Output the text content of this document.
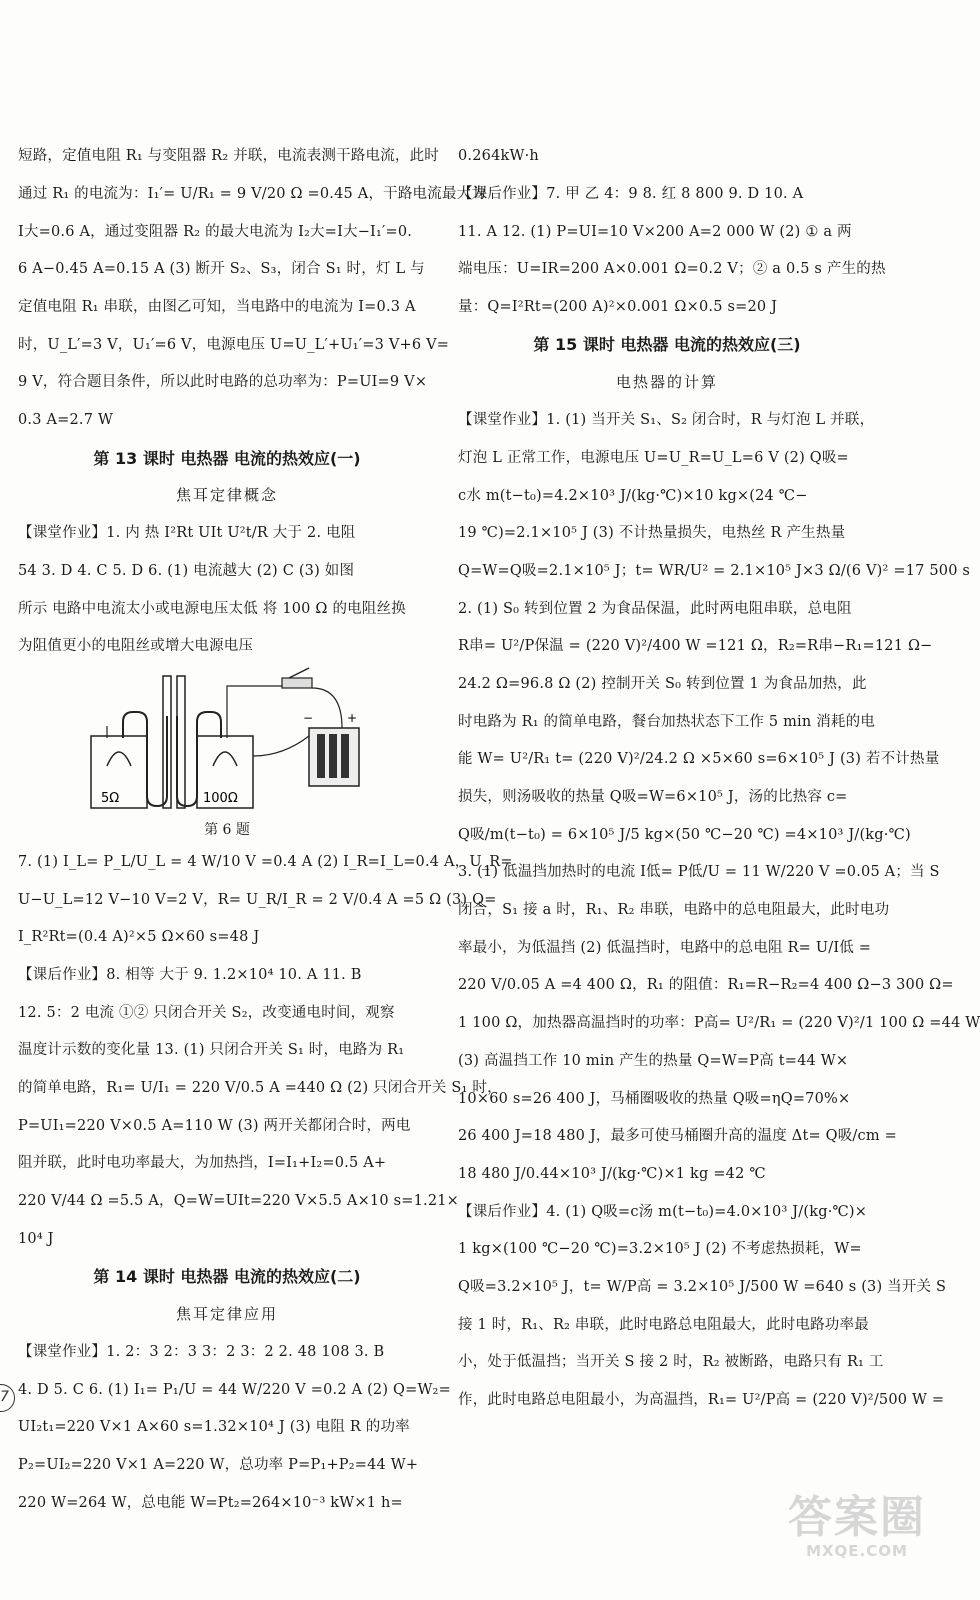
短路，定值电阻 R₁ 与变阻器 R₂ 并联，电流表测干路电流，此时
通过 R₁ 的电流为：I₁′= U/R₁ = 9 V/20 Ω =0.45 A，干路电流最大为
I大=0.6 A，通过变阻器 R₂ 的最大电流为 I₂大=I大−I₁′=0.
6 A−0.45 A=0.15 A (3) 断开 S₂、S₃，闭合 S₁ 时，灯 L 与
定值电阻 R₁ 串联，由图乙可知，当电路中的电流为 I=0.3 A
时，U_L′=3 V，U₁′=6 V，电源电压 U=U_L′+U₁′=3 V+6 V=
9 V，符合题目条件，所以此时电路的总功率为：P=UI=9 V×
0.3 A=2.7 W
第 13 课时 电热器 电流的热效应(一)
焦耳定律概念
【课堂作业】1. 内 热 I²Rt UIt U²t/R 大于 2. 电阻
54 3. D 4. C 5. D 6. (1) 电流越大 (2) C (3) 如图
所示 电路中电流太小或电源电压太低 将 100 Ω 的电阻丝换
为阻值更小的电阻丝或增大电源电压
+
−
5Ω	100Ω
第 6 题
7. (1) I_L= P_L/U_L = 4 W/10 V =0.4 A (2) I_R=I_L=0.4 A，U_R=
U−U_L=12 V−10 V=2 V，R= U_R/I_R = 2 V/0.4 A =5 Ω (3) Q=
I_R²Rt=(0.4 A)²×5 Ω×60 s=48 J
【课后作业】8. 相等 大于 9. 1.2×10⁴ 10. A 11. B
12. 5：2 电流 ①② 只闭合开关 S₂，改变通电时间，观察
温度计示数的变化量 13. (1) 只闭合开关 S₁ 时，电路为 R₁
的简单电路，R₁= U/I₁ = 220 V/0.5 A =440 Ω (2) 只闭合开关 S₁ 时，
P=UI₁=220 V×0.5 A=110 W (3) 两开关都闭合时，两电
阻并联，此时电功率最大，为加热挡，I=I₁+I₂=0.5 A+
220 V/44 Ω =5.5 A，Q=W=UIt=220 V×5.5 A×10 s=1.21×
10⁴ J
第 14 课时 电热器 电流的热效应(二)
焦耳定律应用
【课堂作业】1. 2：3 2：3 3：2 3：2 2. 48 108 3. B
4. D 5. C 6. (1) I₁= P₁/U = 44 W/220 V =0.2 A (2) Q=W₂=
UI₂t₁=220 V×1 A×60 s=1.32×10⁴ J (3) 电阻 R 的功率
P₂=UI₂=220 V×1 A=220 W，总功率 P=P₁+P₂=44 W+
220 W=264 W，总电能 W=Pt₂=264×10⁻³ kW×1 h=
0.264kW·h
【课后作业】7. 甲 乙 4：9 8. 红 8 800 9. D 10. A
11. A 12. (1) P=UI=10 V×200 A=2 000 W (2) ① a 两
端电压：U=IR=200 A×0.001 Ω=0.2 V；② a 0.5 s 产生的热
量：Q=I²Rt=(200 A)²×0.001 Ω×0.5 s=20 J
第 15 课时 电热器 电流的热效应(三)
电热器的计算
【课堂作业】1. (1) 当开关 S₁、S₂ 闭合时，R 与灯泡 L 并联，
灯泡 L 正常工作，电源电压 U=U_R=U_L=6 V (2) Q吸=
c水 m(t−t₀)=4.2×10³ J/(kg·℃)×10 kg×(24 ℃−
19 ℃)=2.1×10⁵ J (3) 不计热量损失，电热丝 R 产生热量
Q=W=Q吸=2.1×10⁵ J；t= WR/U² = 2.1×10⁵ J×3 Ω/(6 V)² =17 500 s
2. (1) S₀ 转到位置 2 为食品保温，此时两电阻串联，总电阻
R串= U²/P保温 = (220 V)²/400 W =121 Ω，R₂=R串−R₁=121 Ω−
24.2 Ω=96.8 Ω (2) 控制开关 S₀ 转到位置 1 为食品加热，此
时电路为 R₁ 的简单电路，餐台加热状态下工作 5 min 消耗的电
能 W= U²/R₁ t= (220 V)²/24.2 Ω ×5×60 s=6×10⁵ J (3) 若不计热量
损失，则汤吸收的热量 Q吸=W=6×10⁵ J，汤的比热容 c=
Q吸/m(t−t₀) = 6×10⁵ J/5 kg×(50 ℃−20 ℃) =4×10³ J/(kg·℃)
3. (1) 低温挡加热时的电流 I低= P低/U = 11 W/220 V =0.05 A；当 S
闭合，S₁ 接 a 时，R₁、R₂ 串联，电路中的总电阻最大，此时电功
率最小，为低温挡 (2) 低温挡时，电路中的总电阻 R= U/I低 =
220 V/0.05 A =4 400 Ω，R₁ 的阻值：R₁=R−R₂=4 400 Ω−3 300 Ω=
1 100 Ω，加热器高温挡时的功率：P高= U²/R₁ = (220 V)²/1 100 Ω =44 W
(3) 高温挡工作 10 min 产生的热量 Q=W=P高 t=44 W×
10×60 s=26 400 J，马桶圈吸收的热量 Q吸=ηQ=70%×
26 400 J=18 480 J，最多可使马桶圈升高的温度 Δt= Q吸/cm =
18 480 J/0.44×10³ J/(kg·℃)×1 kg =42 ℃
【课后作业】4. (1) Q吸=c汤 m(t−t₀)=4.0×10³ J/(kg·℃)×
1 kg×(100 ℃−20 ℃)=3.2×10⁵ J (2) 不考虑热损耗，W=
Q吸=3.2×10⁵ J，t= W/P高 = 3.2×10⁵ J/500 W =640 s (3) 当开关 S
接 1 时，R₁、R₂ 串联，此时电路总电阻最大，此时电路功率最
小，处于低温挡；当开关 S 接 2 时，R₂ 被断路，电路只有 R₁ 工
作，此时电路总电阻最小，为高温挡，R₁= U²/P高 = (220 V)²/500 W =
7
答案圈
MXQE.COM
